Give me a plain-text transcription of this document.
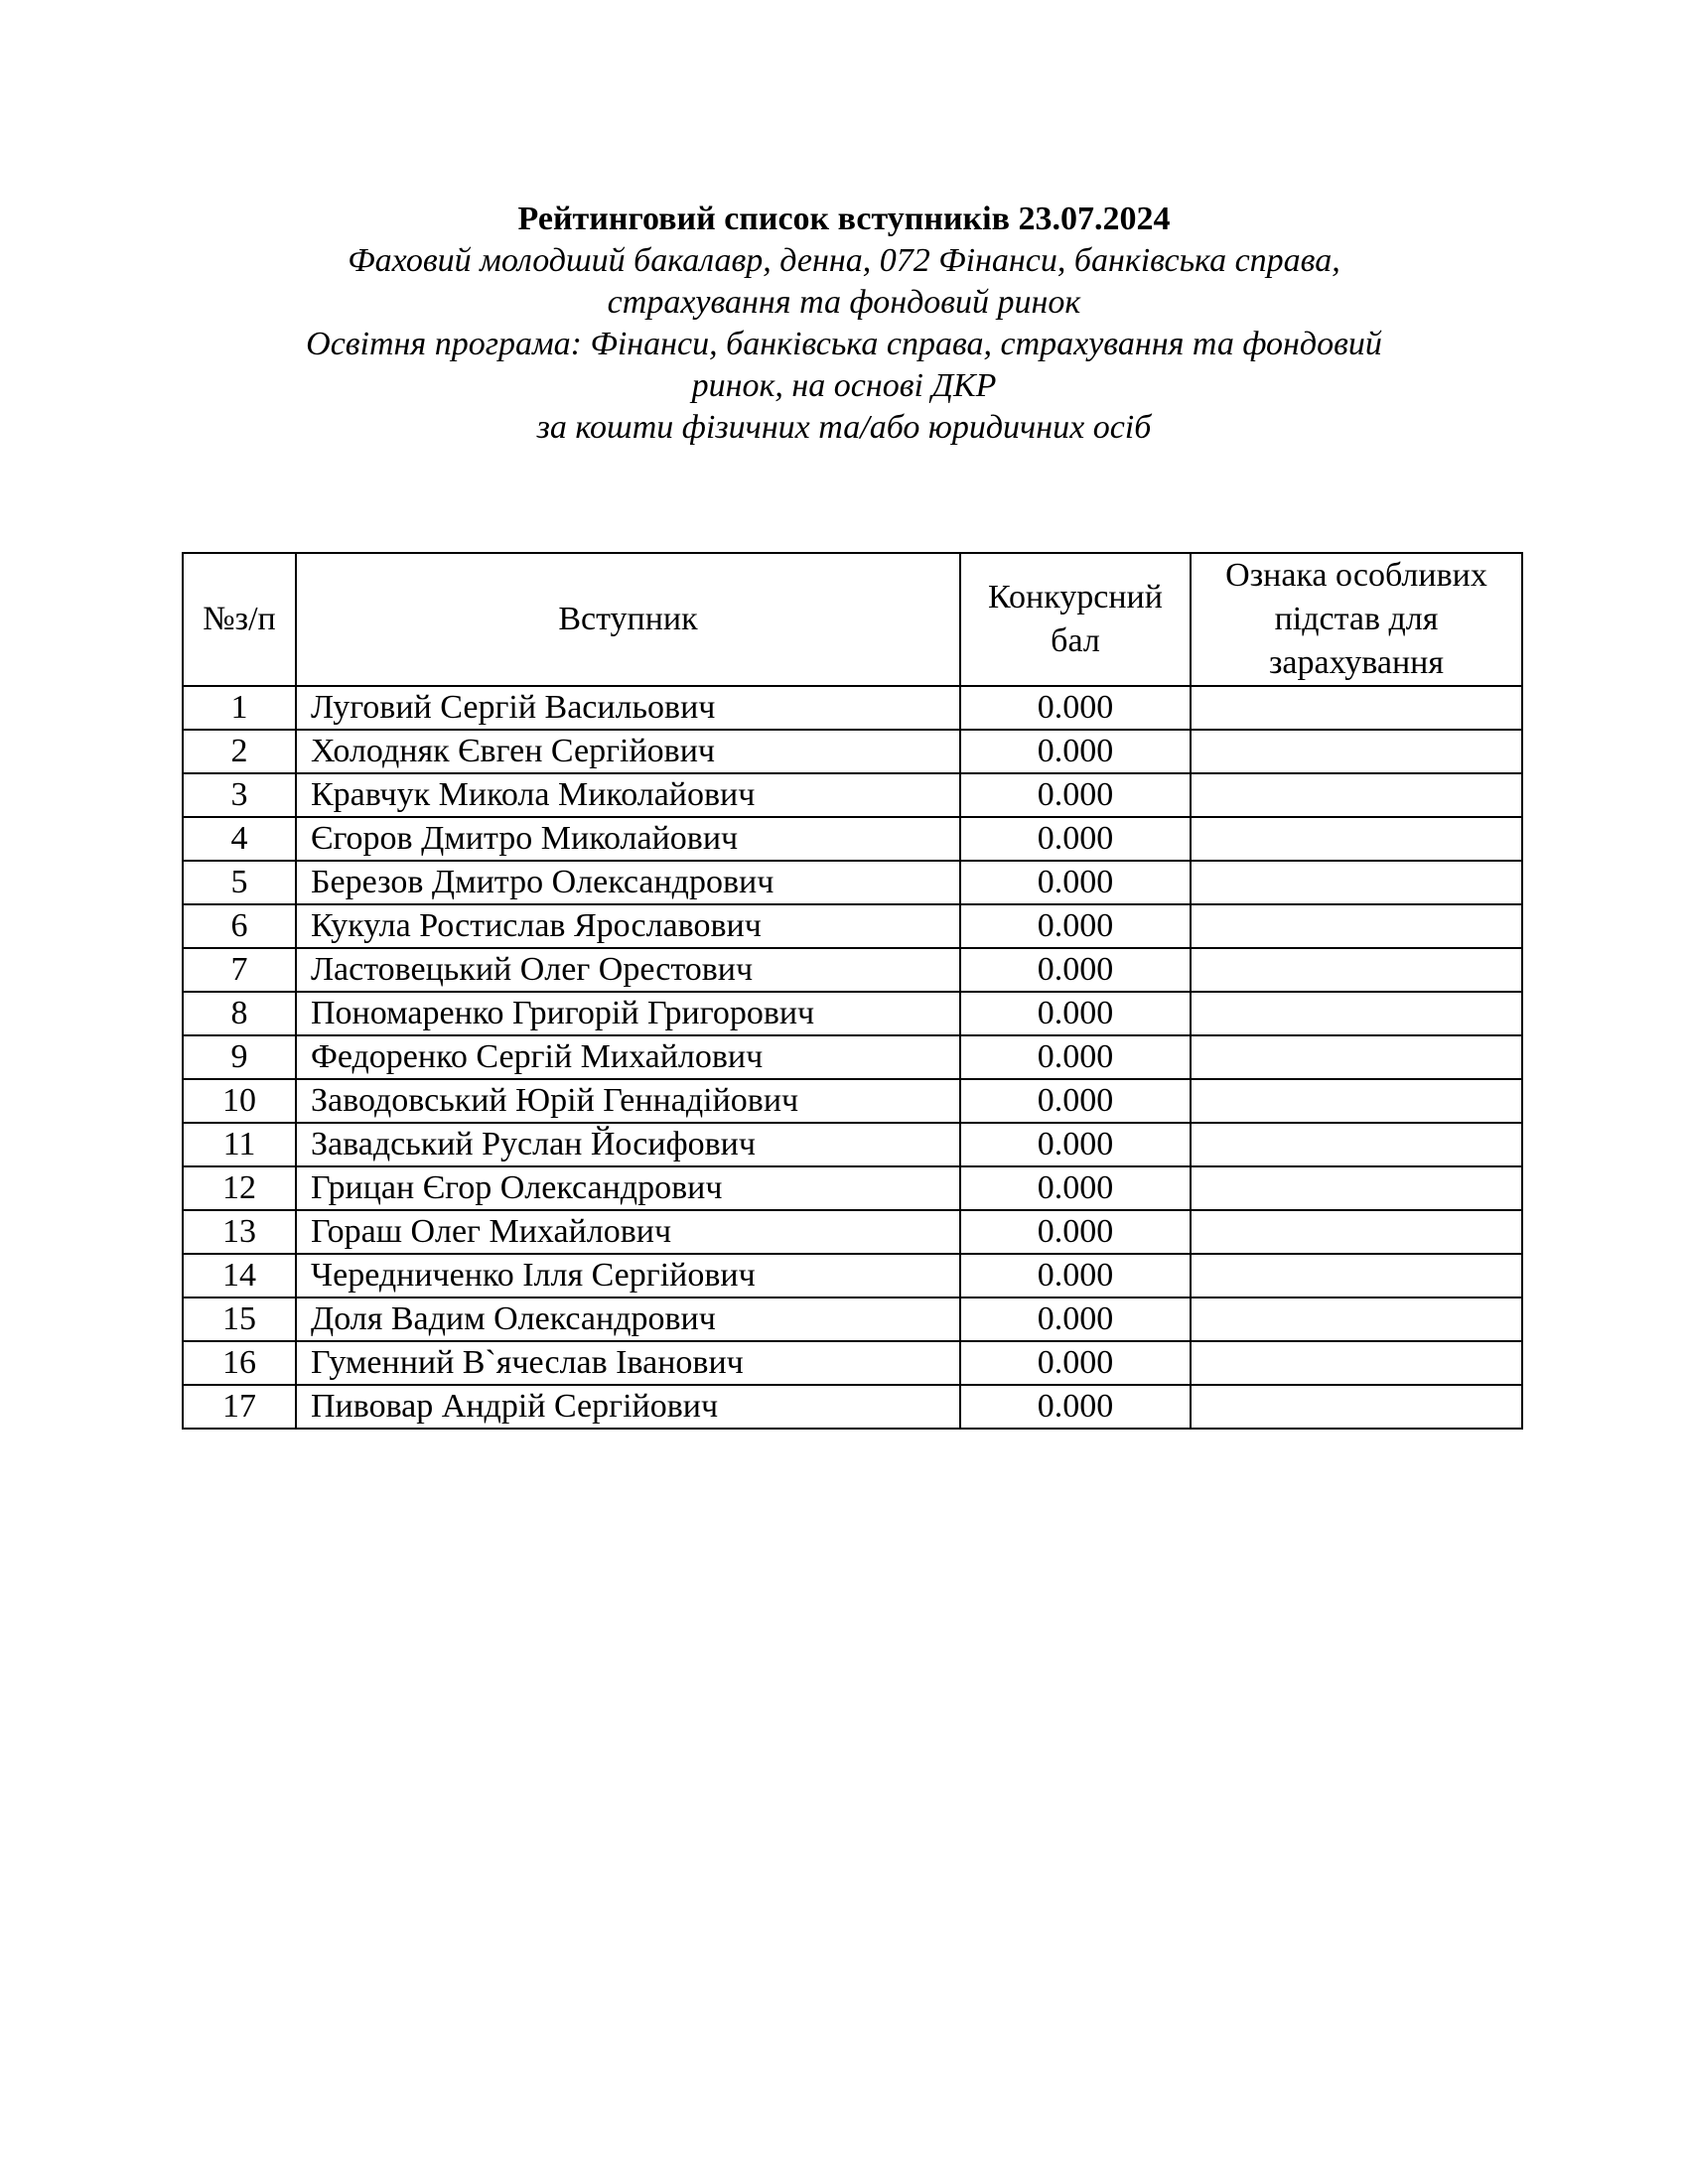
Рейтинговий список вступників 23.07.2024

Фаховий молодший бакалавр, денна, 072 Фінанси, банківська справа,

страхування та фондовий ринок

Освітня програма: Фінанси, банківська справа, страхування та фондовий

ринок, на основі ДКР

за кошти фізичних та/або юридичних осіб

№з/п	Вступник	Конкурсний бал	Ознака особливих підстав для зарахування
1	Луговий Сергій Васильович	0.000	
2	Холодняк Євген Сергійович	0.000	
3	Кравчук Микола Миколайович	0.000	
4	Єгоров Дмитро Миколайович	0.000	
5	Березов Дмитро Олександрович	0.000	
6	Кукула Ростислав Ярославович	0.000	
7	Ластовецький Олег Орестович	0.000	
8	Пономаренко Григорій Григорович	0.000	
9	Федоренко Сергій Михайлович	0.000	
10	Заводовський Юрій Геннадійович	0.000	
11	Завадський Руслан Йосифович	0.000	
12	Грицан Єгор Олександрович	0.000	
13	Гораш Олег Михайлович	0.000	
14	Чередниченко Ілля Сергійович	0.000	
15	Доля Вадим Олександрович	0.000	
16	Гуменний В`ячеслав Іванович	0.000	
17	Пивовар Андрій Сергійович	0.000	
